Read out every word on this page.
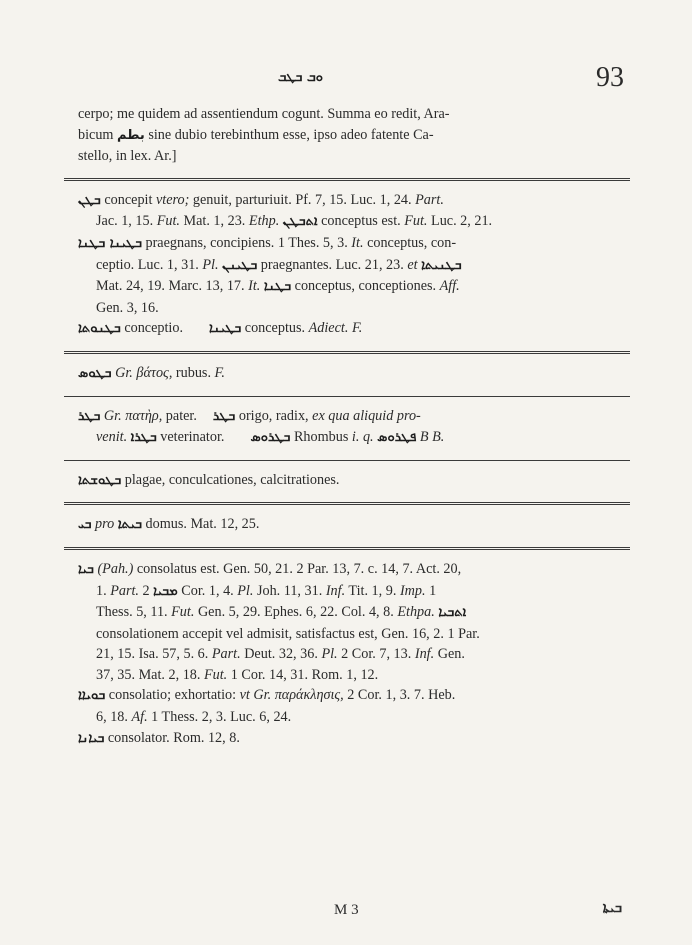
ܘܒ ܒܛܒ	93

cerpo; me quidem ad assentiendum cogunt. Summa eo redit, Ara-

bicum بطم sine dubio terebinthum esse, ipso adeo fatente Ca-

stello, in lex. Ar.]

ܒܛܢ concepit vtero; genuit, parturiuit. Pf. 7, 15. Luc. 1, 24. Part.

Jac. 1, 15. Fut. Mat. 1, 23. Ethp. ܐܬܒܛܢ conceptus est. Fut. Luc. 2, 21.

ܒܛܝܢܐ ܒܛܢܐ praegnans, concipiens. 1 Thes. 5, 3. It. conceptus, con-

ceptio. Luc. 1, 31. Pl. ܒܛܝܢܢ praegnantes. Luc. 21, 23. et ܒܛܢܝܬܐ

Mat. 24, 19. Marc. 13, 17. It. ܒܛܢܐ conceptus, conceptiones. Aff.

Gen. 3, 16.

ܒܛܢܘܬܐ conceptio. ܒܛܝܢܐ conceptus. Adiect. F.

ܒܛܘܣ Gr. βάτος, rubus. F.

ܒܛܪ Gr. πατὴρ, pater. ܒܛܪ origo, radix, ex qua aliquid pro-

venit. ܒܛܪܐ veterinator. ܒܛܪܘܣ Rhombus i. q. ܦܛܪܘܣ B B.

ܒܛܘܫܬܐ plagae, conculcationes, calcitrationes.

ܒܝ pro ܒܝܬܐ domus. Mat. 12, 25.

ܒܝܐ (Pah.) consolatus est. Gen. 50, 21. 2 Par. 13, 7. c. 14, 7. Act. 20,

1. Part. ܡܒܝܐ 2 Cor. 1, 4. Pl. Joh. 11, 31. Inf. Tit. 1, 9. Imp. 1

Thess. 5, 11. Fut. Gen. 5, 29. Ephes. 6, 22. Col. 4, 8. Ethpa. ܐܬܒܝܐ

consolationem accepit vel admisit, satisfactus est, Gen. 16, 2. 1 Par.

21, 15. Isa. 57, 5. 6. Part. Deut. 32, 36. Pl. 2 Cor. 7, 13. Inf. Gen.

37, 35. Mat. 2, 18. Fut. 1 Cor. 14, 31. Rom. 1, 12.

ܒܘܝܐܐ consolatio; exhortatio: vt Gr. παράκλησις, 2 Cor. 1, 3. 7. Heb.

6, 18. Af. 1 Thess. 2, 3. Luc. 6, 24.

ܒܝܐܢܐ consolator. Rom. 12, 8.

M 3	ܒܝܬܐ
